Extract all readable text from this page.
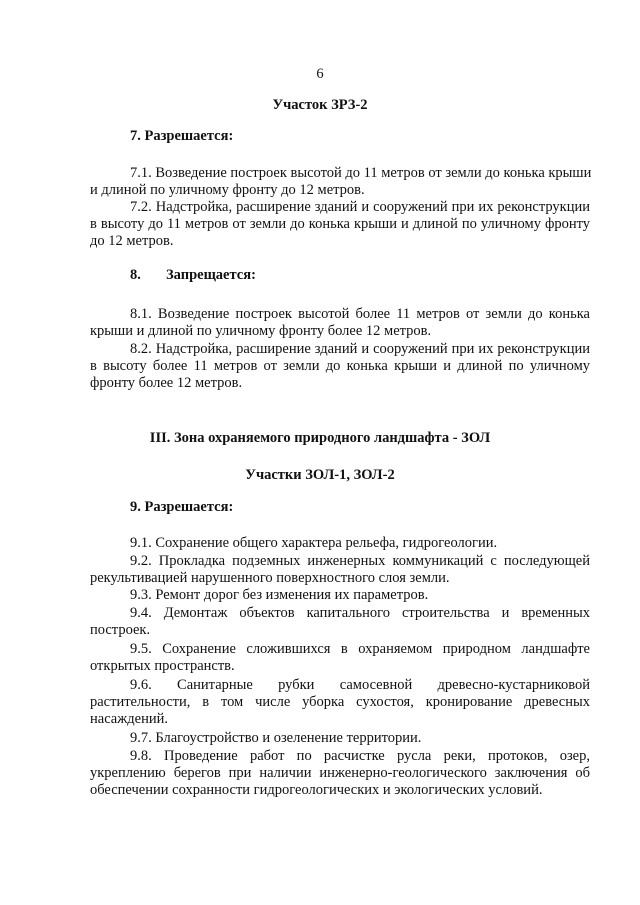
6
Участок ЗРЗ-2
7. Разрешается:
7.1. Возведение построек высотой до 11 метров от земли до конька крыши
и длиной по уличному фронту до 12 метров.
7.2. Надстройка, расширение зданий и сооружений при их реконструкции
в высоту до 11 метров от земли до конька крыши и длиной по уличному фронту
до 12 метров.
8. Запрещается:
8.1. Возведение построек высотой более 11 метров от земли до конька
крыши и длиной по уличному фронту более 12 метров.
8.2. Надстройка, расширение зданий и сооружений при их реконструкции
в высоту более 11 метров от земли до конька крыши и длиной по уличному
фронту более 12 метров.
III. Зона охраняемого природного ландшафта - ЗОЛ
Участки ЗОЛ-1, ЗОЛ-2
9. Разрешается:
9.1. Сохранение общего характера рельефа, гидрогеологии.
9.2. Прокладка подземных инженерных коммуникаций с последующей
рекультивацией нарушенного поверхностного слоя земли.
9.3. Ремонт дорог без изменения их параметров.
9.4. Демонтаж объектов капитального строительства и временных
построек.
9.5. Сохранение сложившихся в охраняемом природном ландшафте
открытых пространств.
9.6. Санитарные рубки самосевной древесно-кустарниковой
растительности, в том числе уборка сухостоя, кронирование древесных
насаждений.
9.7. Благоустройство и озеленение территории.
9.8. Проведение работ по расчистке русла реки, протоков, озер,
укреплению берегов при наличии инженерно-геологического заключения об
обеспечении сохранности гидрогеологических и экологических условий.
